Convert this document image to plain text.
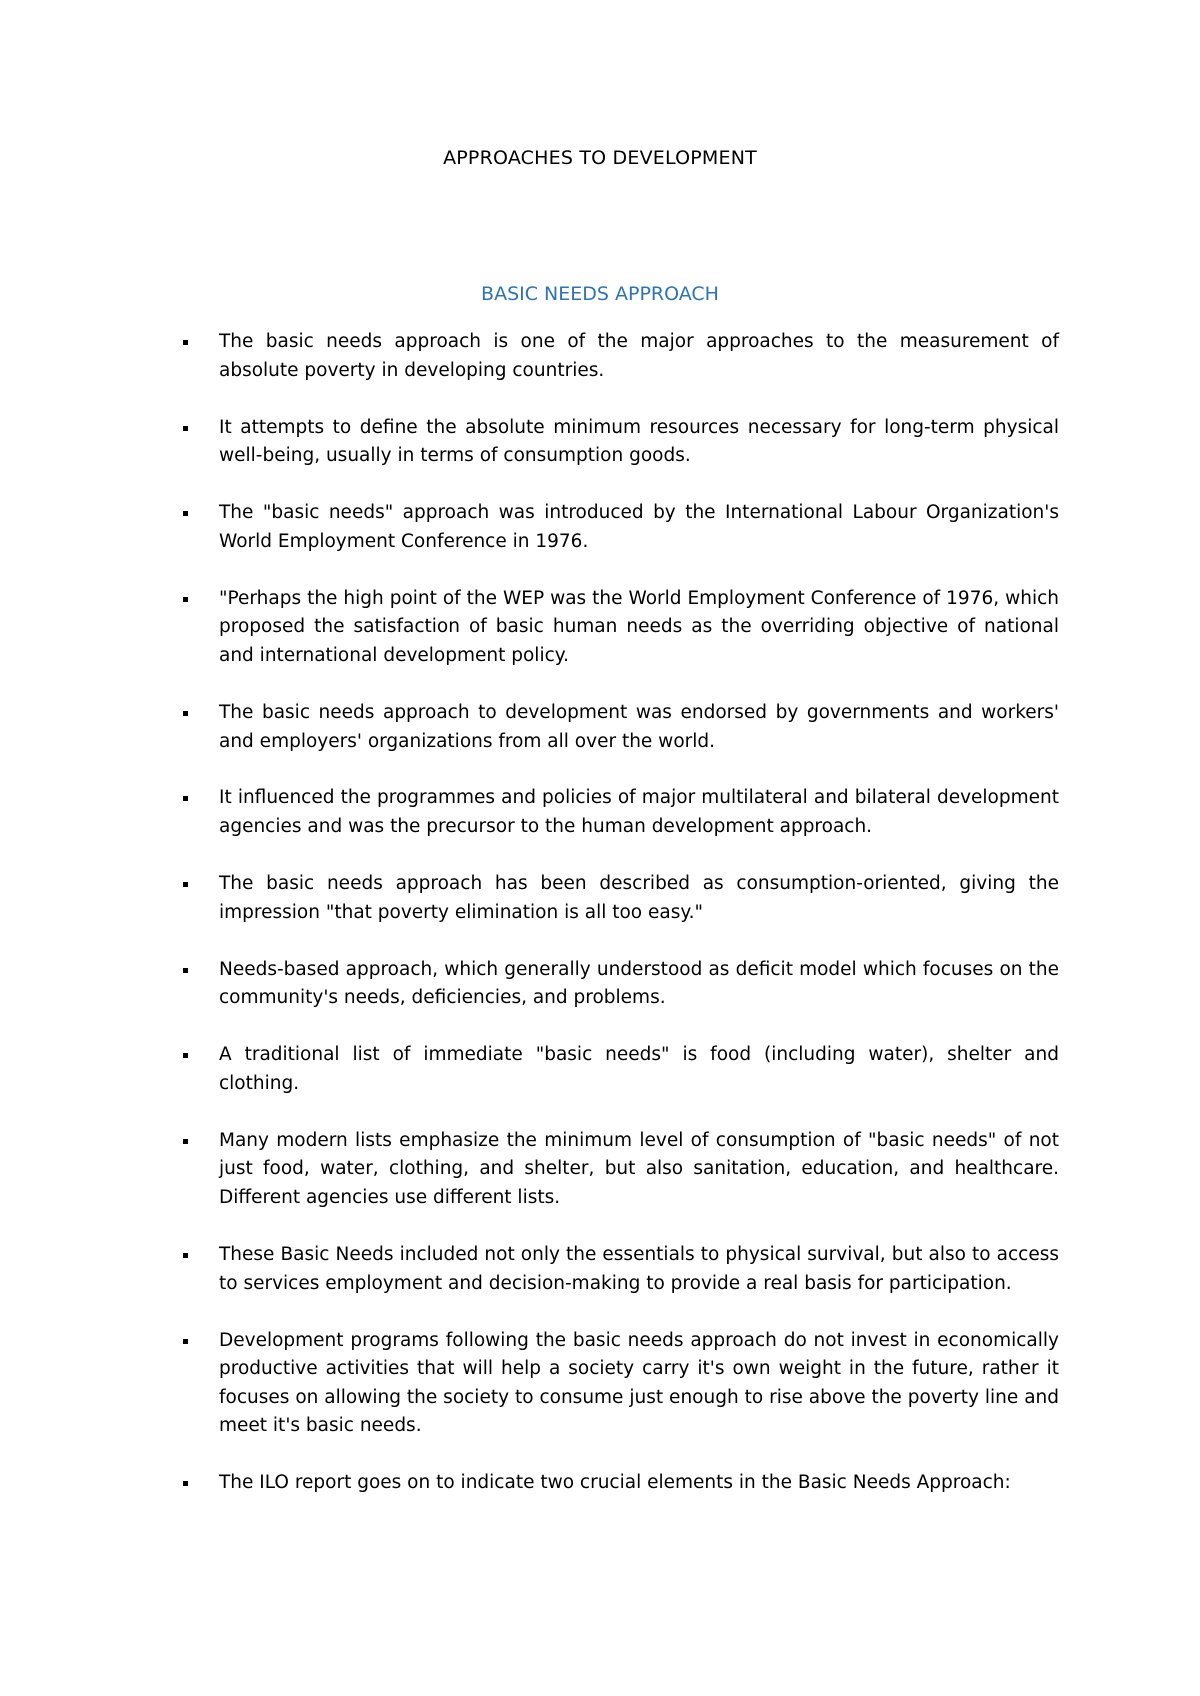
APPROACHES TO DEVELOPMENT
BASIC NEEDS APPROACH
The basic needs approach is one of the major approaches to the measurement of absolute poverty in developing countries.
It attempts to define the absolute minimum resources necessary for long-term physical well-being, usually in terms of consumption goods.
The "basic needs" approach was introduced by the International Labour Organization's World Employment Conference in 1976.
"Perhaps the high point of the WEP was the World Employment Conference of 1976, which proposed the satisfaction of basic human needs as the overriding objective of national and international development policy.
The basic needs approach to development was endorsed by governments and workers' and employers' organizations from all over the world.
It influenced the programmes and policies of major multilateral and bilateral development agencies and was the precursor to the human development approach.
The basic needs approach has been described as consumption-oriented, giving the impression "that poverty elimination is all too easy."
Needs-based approach, which generally understood as deficit model which focuses on the community's needs, deficiencies, and problems.
A traditional list of immediate "basic needs" is food (including water), shelter and clothing.
Many modern lists emphasize the minimum level of consumption of "basic needs" of not just food, water, clothing, and shelter, but also sanitation, education, and healthcare. Different agencies use different lists.
These Basic Needs included not only the essentials to physical survival, but also to access to services employment and decision-making to provide a real basis for participation.
Development programs following the basic needs approach do not invest in economically productive activities that will help a society carry it's own weight in the future, rather it focuses on allowing the society to consume just enough to rise above the poverty line and meet it's basic needs.
The ILO report goes on to indicate two crucial elements in the Basic Needs Approach:
